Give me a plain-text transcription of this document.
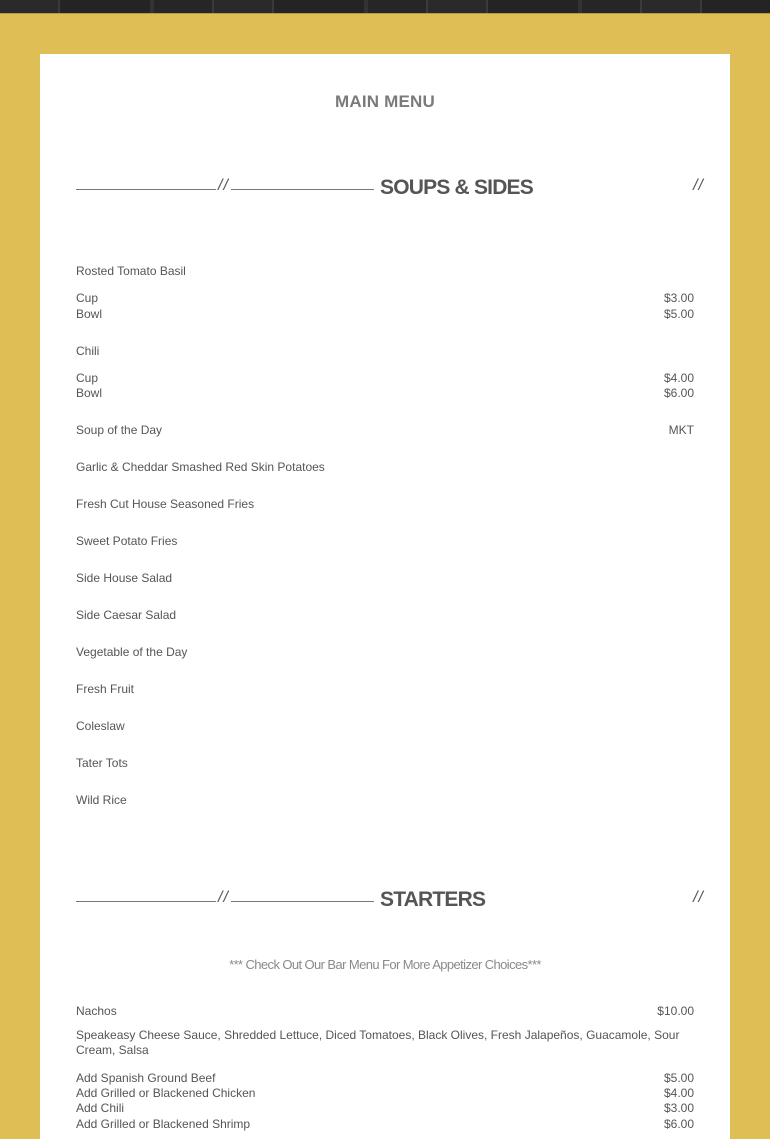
MAIN MENU
//	SOUPS & SIDES	//
Rosted Tomato Basil
Cup	$3.00
Bowl	$5.00
Chili
Cup	$4.00
Bowl	$6.00
Soup of the Day	MKT
Garlic & Cheddar Smashed Red Skin Potatoes
Fresh Cut House Seasoned Fries
Sweet Potato Fries
Side House Salad
Side Caesar Salad
Vegetable of the Day
Fresh Fruit
Coleslaw
Tater Tots
Wild Rice
//	STARTERS	//
*** Check Out Our Bar Menu For More Appetizer Choices***
Nachos	$10.00
Speakeasy Cheese Sauce, Shredded Lettuce, Diced Tomatoes, Black Olives, Fresh Jalapeños, Guacamole, Sour Cream, Salsa
Add Spanish Ground Beef	$5.00
Add Grilled or Blackened Chicken	$4.00
Add Chili	$3.00
Add Grilled or Blackened Shrimp	$6.00
